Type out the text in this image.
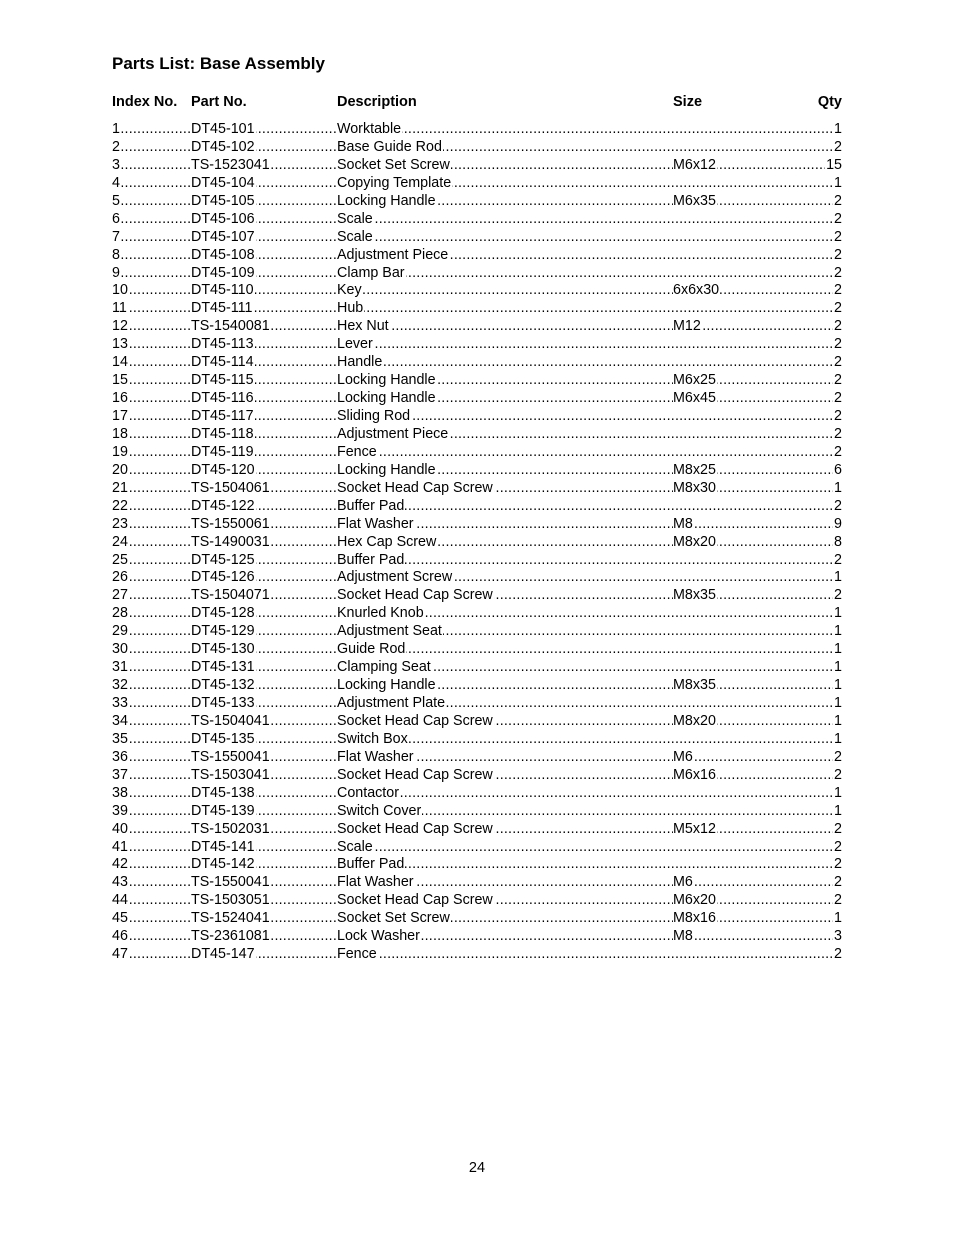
Parts List: Base Assembly
Index No. Part No.	Description	Size	Qty
1 .....	DT45-101 .....	Worktable .....	1
2 .....	DT45-102 .....	Base Guide Rod .....	2
3 .....	TS-1523041 .....	Socket Set Screw .....	M6x12 .....	15
4 .....	DT45-104 .....	Copying Template .....	1
5 .....	DT45-105 .....	Locking Handle .....	M6x35 .....	2
6 .....	DT45-106 .....	Scale .....	2
7 .....	DT45-107 .....	Scale .....	2
8 .....	DT45-108 .....	Adjustment Piece .....	2
9 .....	DT45-109 .....	Clamp Bar .....	2
10 .....	DT45-110 .....	Key .....	6x6x30 .....	2
11 .....	DT45-111 .....	Hub .....	2
12 .....	TS-1540081 .....	Hex Nut .....	M12 .....	2
13 .....	DT45-113 .....	Lever .....	2
14 .....	DT45-114 .....	Handle .....	2
15 .....	DT45-115 .....	Locking Handle .....	M6x25 .....	2
16 .....	DT45-116 .....	Locking Handle .....	M6x45 .....	2
17 .....	DT45-117 .....	Sliding Rod .....	2
18 .....	DT45-118 .....	Adjustment Piece .....	2
19 .....	DT45-119 .....	Fence .....	2
20 .....	DT45-120 .....	Locking Handle .....	M8x25 .....	6
21 .....	TS-1504061 .....	Socket Head Cap Screw .....	M8x30 .....	1
22 .....	DT45-122 .....	Buffer Pad .....	2
23 .....	TS-1550061 .....	Flat Washer .....	M8 .....	9
24 .....	TS-1490031 .....	Hex Cap Screw .....	M8x20 .....	8
25 .....	DT45-125 .....	Buffer Pad .....	2
26 .....	DT45-126 .....	Adjustment Screw .....	1
27 .....	TS-1504071 .....	Socket Head Cap Screw .....	M8x35 .....	2
28 .....	DT45-128 .....	Knurled Knob .....	1
29 .....	DT45-129 .....	Adjustment Seat .....	1
30 .....	DT45-130 .....	Guide Rod .....	1
31 .....	DT45-131 .....	Clamping Seat .....	1
32 .....	DT45-132 .....	Locking Handle .....	M8x35 .....	1
33 .....	DT45-133 .....	Adjustment Plate .....	1
34 .....	TS-1504041 .....	Socket Head Cap Screw .....	M8x20 .....	1
35 .....	DT45-135 .....	Switch Box .....	1
36 .....	TS-1550041 .....	Flat Washer .....	M6 .....	2
37 .....	TS-1503041 .....	Socket Head Cap Screw .....	M6x16 .....	2
38 .....	DT45-138 .....	Contactor .....	1
39 .....	DT45-139 .....	Switch Cover .....	1
40 .....	TS-1502031 .....	Socket Head Cap Screw .....	M5x12 .....	2
41 .....	DT45-141 .....	Scale .....	2
42 .....	DT45-142 .....	Buffer Pad .....	2
43 .....	TS-1550041 .....	Flat Washer .....	M6 .....	2
44 .....	TS-1503051 .....	Socket Head Cap Screw .....	M6x20 .....	2
45 .....	TS-1524041 .....	Socket Set Screw .....	M8x16 .....	1
46 .....	TS-2361081 .....	Lock Washer .....	M8 .....	3
47 .....	DT45-147 .....	Fence .....	2
24
